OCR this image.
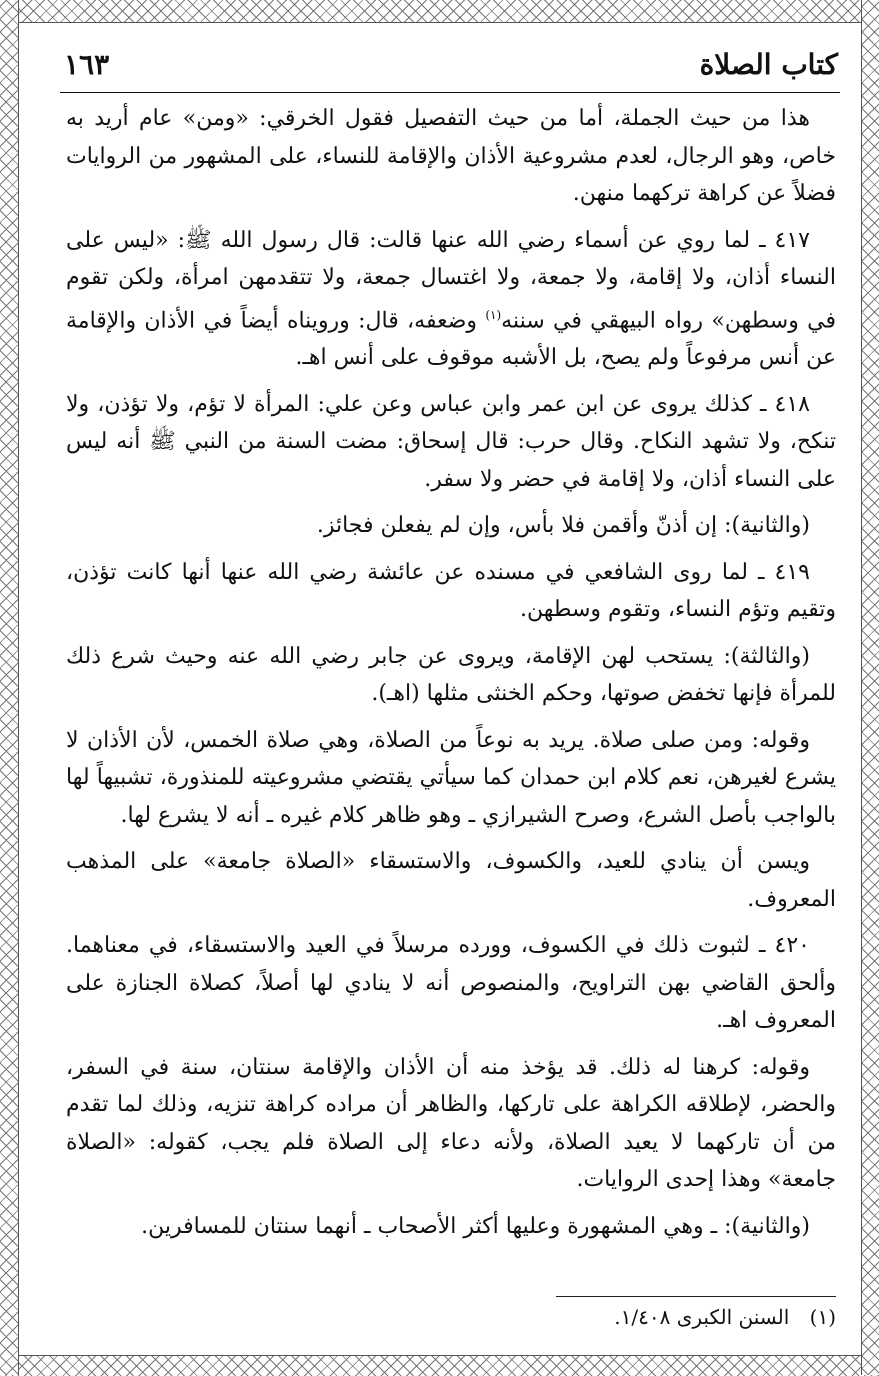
كتاب الصلاة
١٦٣

هذا من حيث الجملة، أما من حيث التفصيل فقول الخرقي: «ومن» عام أريد به خاص، وهو الرجال، لعدم مشروعية الأذان والإقامة للنساء، على المشهور من الروايات فضلاً عن كراهة تركهما منهن.

٤١٧ ـ لما روي عن أسماء رضي الله عنها قالت: قال رسول الله ﷺ: «ليس على النساء أذان، ولا إقامة، ولا جمعة، ولا اغتسال جمعة، ولا تتقدمهن امرأة، ولكن تقوم في وسطهن» رواه البيهقي في سننه$^{(١)}$ وضعفه، قال: ورويناه أيضاً في الأذان والإقامة عن أنس مرفوعاً ولم يصح، بل الأشبه موقوف على أنس اهـ.

٤١٨ ـ كذلك يروى عن ابن عمر وابن عباس وعن علي: المرأة لا تؤم، ولا تؤذن، ولا تنكح، ولا تشهد النكاح. وقال حرب: قال إسحاق: مضت السنة من النبي ﷺ أنه ليس على النساء أذان، ولا إقامة في حضر ولا سفر.

(والثانية): إن أذنّ وأقمن فلا بأس، وإن لم يفعلن فجائز.

٤١٩ ـ لما روى الشافعي في مسنده عن عائشة رضي الله عنها أنها كانت تؤذن، وتقيم وتؤم النساء، وتقوم وسطهن.

(والثالثة): يستحب لهن الإقامة، ويروى عن جابر رضي الله عنه وحيث شرع ذلك للمرأة فإنها تخفض صوتها، وحكم الخنثى مثلها (اهـ).

وقوله: ومن صلى صلاة. يريد به نوعاً من الصلاة، وهي صلاة الخمس، لأن الأذان لا يشرع لغيرهن، نعم كلام ابن حمدان كما سيأتي يقتضي مشروعيته للمنذورة، تشبيهاً لها بالواجب بأصل الشرع، وصرح الشيرازي ـ وهو ظاهر كلام غيره ـ أنه لا يشرع لها.

ويسن أن ينادي للعيد، والكسوف، والاستسقاء «الصلاة جامعة» على المذهب المعروف.

٤٢٠ ـ لثبوت ذلك في الكسوف، وورده مرسلاً في العيد والاستسقاء، في معناهما. وألحق القاضي بهن التراويح، والمنصوص أنه لا ينادي لها أصلاً، كصلاة الجنازة على المعروف اهـ.

وقوله: كرهنا له ذلك. قد يؤخذ منه أن الأذان والإقامة سنتان، سنة في السفر، والحضر، لإطلاقه الكراهة على تاركها، والظاهر أن مراده كراهة تنزيه، وذلك لما تقدم من أن تاركهما لا يعيد الصلاة، ولأنه دعاء إلى الصلاة فلم يجب، كقوله: «الصلاة جامعة» وهذا إحدى الروايات.

(والثانية): ـ وهي المشهورة وعليها أكثر الأصحاب ـ أنهما سنتان للمسافرين.

(١) السنن الكبرى ١/٤٠٨.
